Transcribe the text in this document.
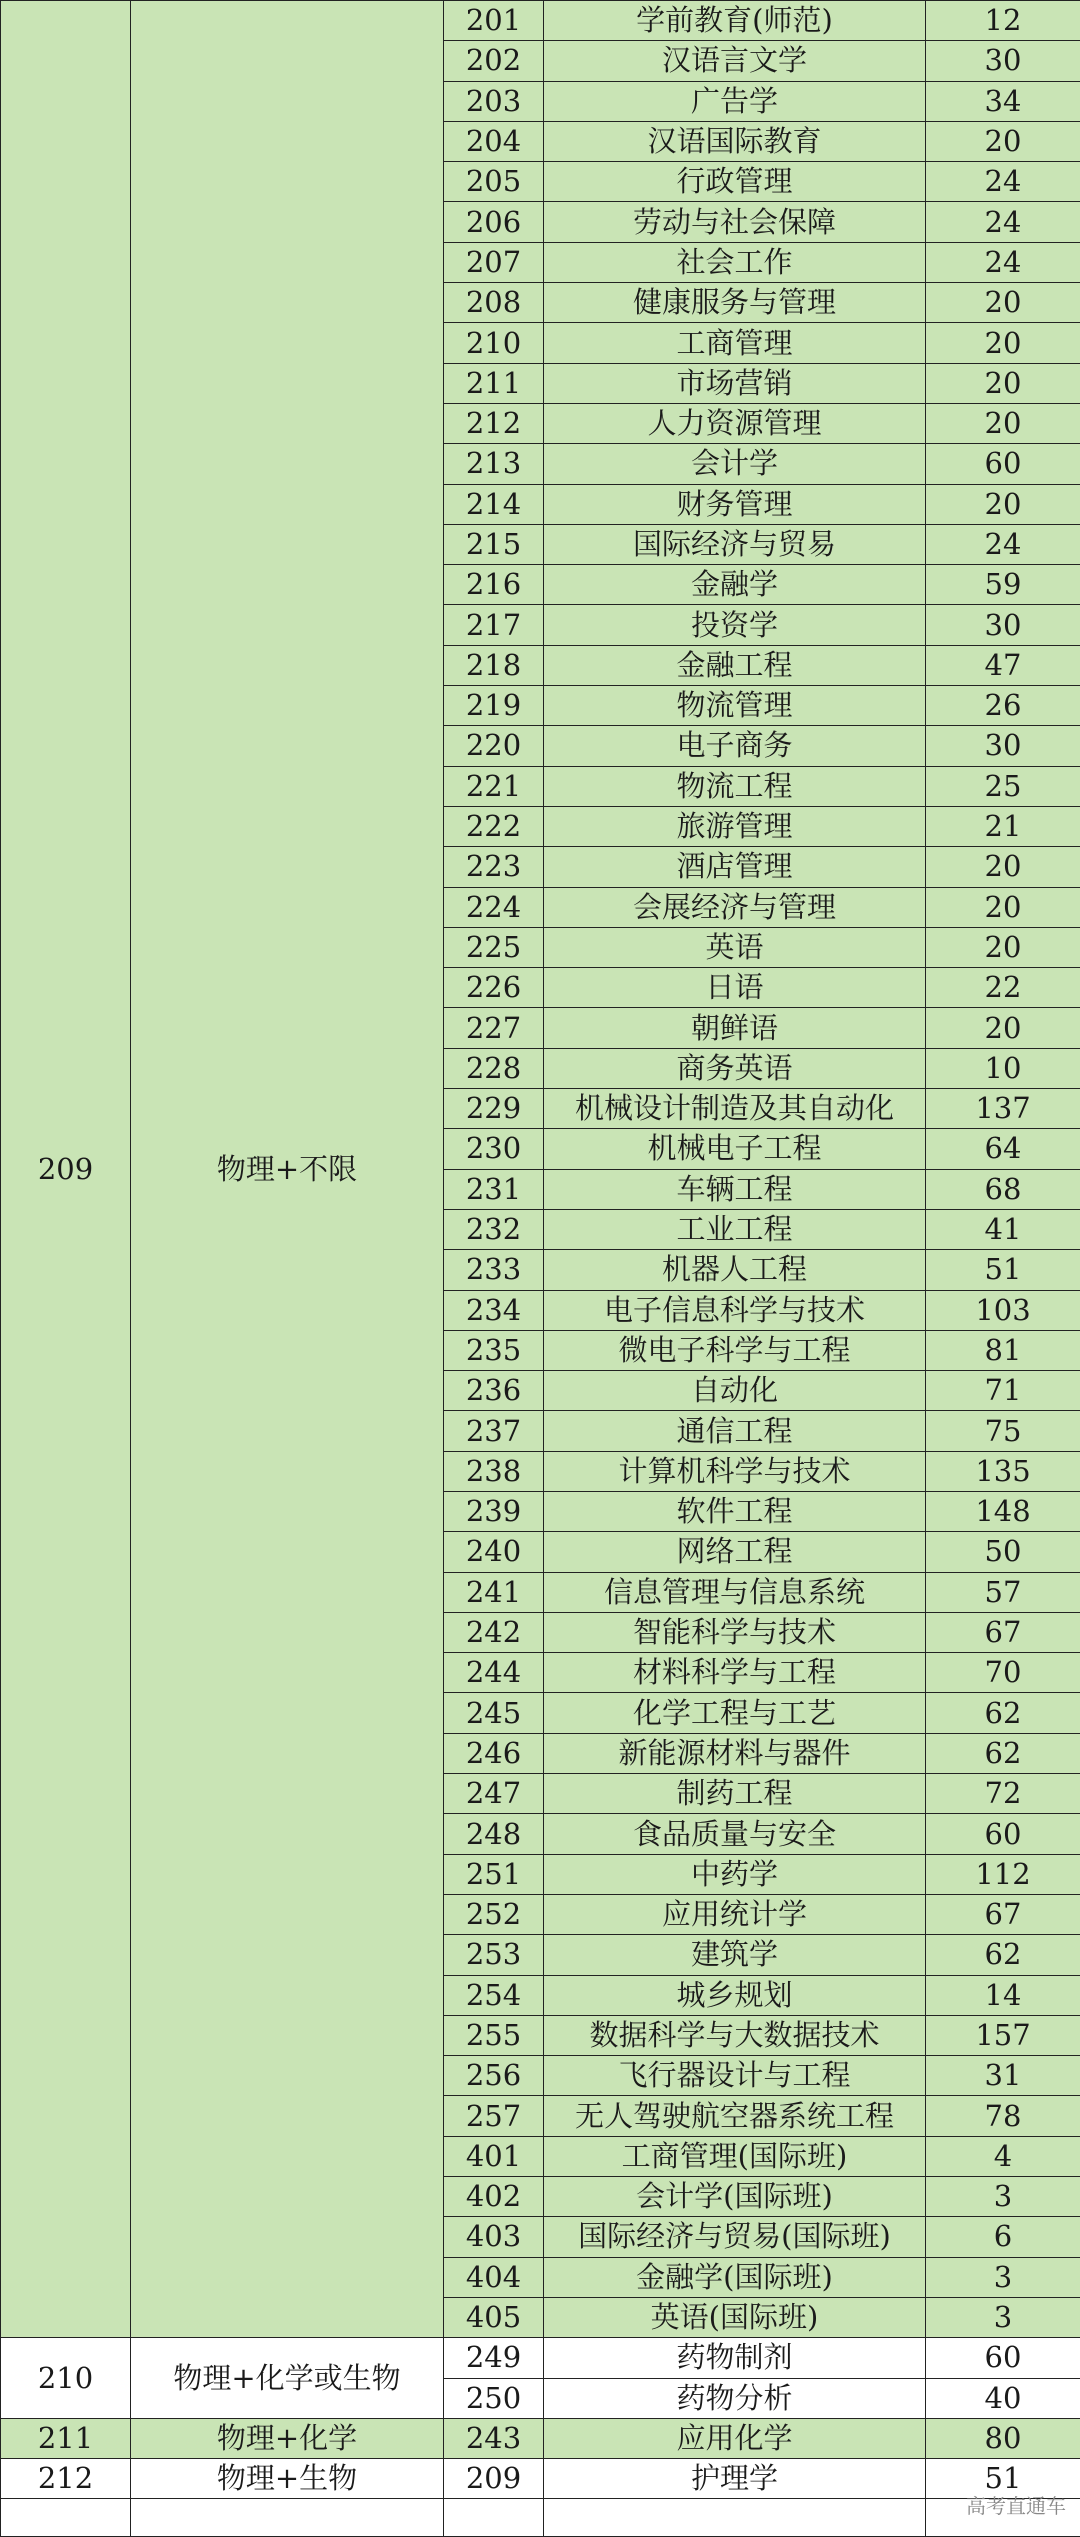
209	物理+不限	201	学前教育(师范)	12
		202	汉语言文学	30
		203	广告学	34
		204	汉语国际教育	20
		205	行政管理	24
		206	劳动与社会保障	24
		207	社会工作	24
		208	健康服务与管理	20
		210	工商管理	20
		211	市场营销	20
		212	人力资源管理	20
		213	会计学	60
		214	财务管理	20
		215	国际经济与贸易	24
		216	金融学	59
		217	投资学	30
		218	金融工程	47
		219	物流管理	26
		220	电子商务	30
		221	物流工程	25
		222	旅游管理	21
		223	酒店管理	20
		224	会展经济与管理	20
		225	英语	20
		226	日语	22
		227	朝鲜语	20
		228	商务英语	10
		229	机械设计制造及其自动化	137
		230	机械电子工程	64
		231	车辆工程	68
		232	工业工程	41
		233	机器人工程	51
		234	电子信息科学与技术	103
		235	微电子科学与工程	81
		236	自动化	71
		237	通信工程	75
		238	计算机科学与技术	135
		239	软件工程	148
		240	网络工程	50
		241	信息管理与信息系统	57
		242	智能科学与技术	67
		244	材料科学与工程	70
		245	化学工程与工艺	62
		246	新能源材料与器件	62
		247	制药工程	72
		248	食品质量与安全	60
		251	中药学	112
		252	应用统计学	67
		253	建筑学	62
		254	城乡规划	14
		255	数据科学与大数据技术	157
		256	飞行器设计与工程	31
		257	无人驾驶航空器系统工程	78
		401	工商管理(国际班)	4
		402	会计学(国际班)	3
		403	国际经济与贸易(国际班)	6
		404	金融学(国际班)	3
		405	英语(国际班)	3
210	物理+化学或生物	249	药物制剂	60
		250	药物分析	40
211	物理+化学	243	应用化学	80
212	物理+生物	209	护理学	51

高考直通车
